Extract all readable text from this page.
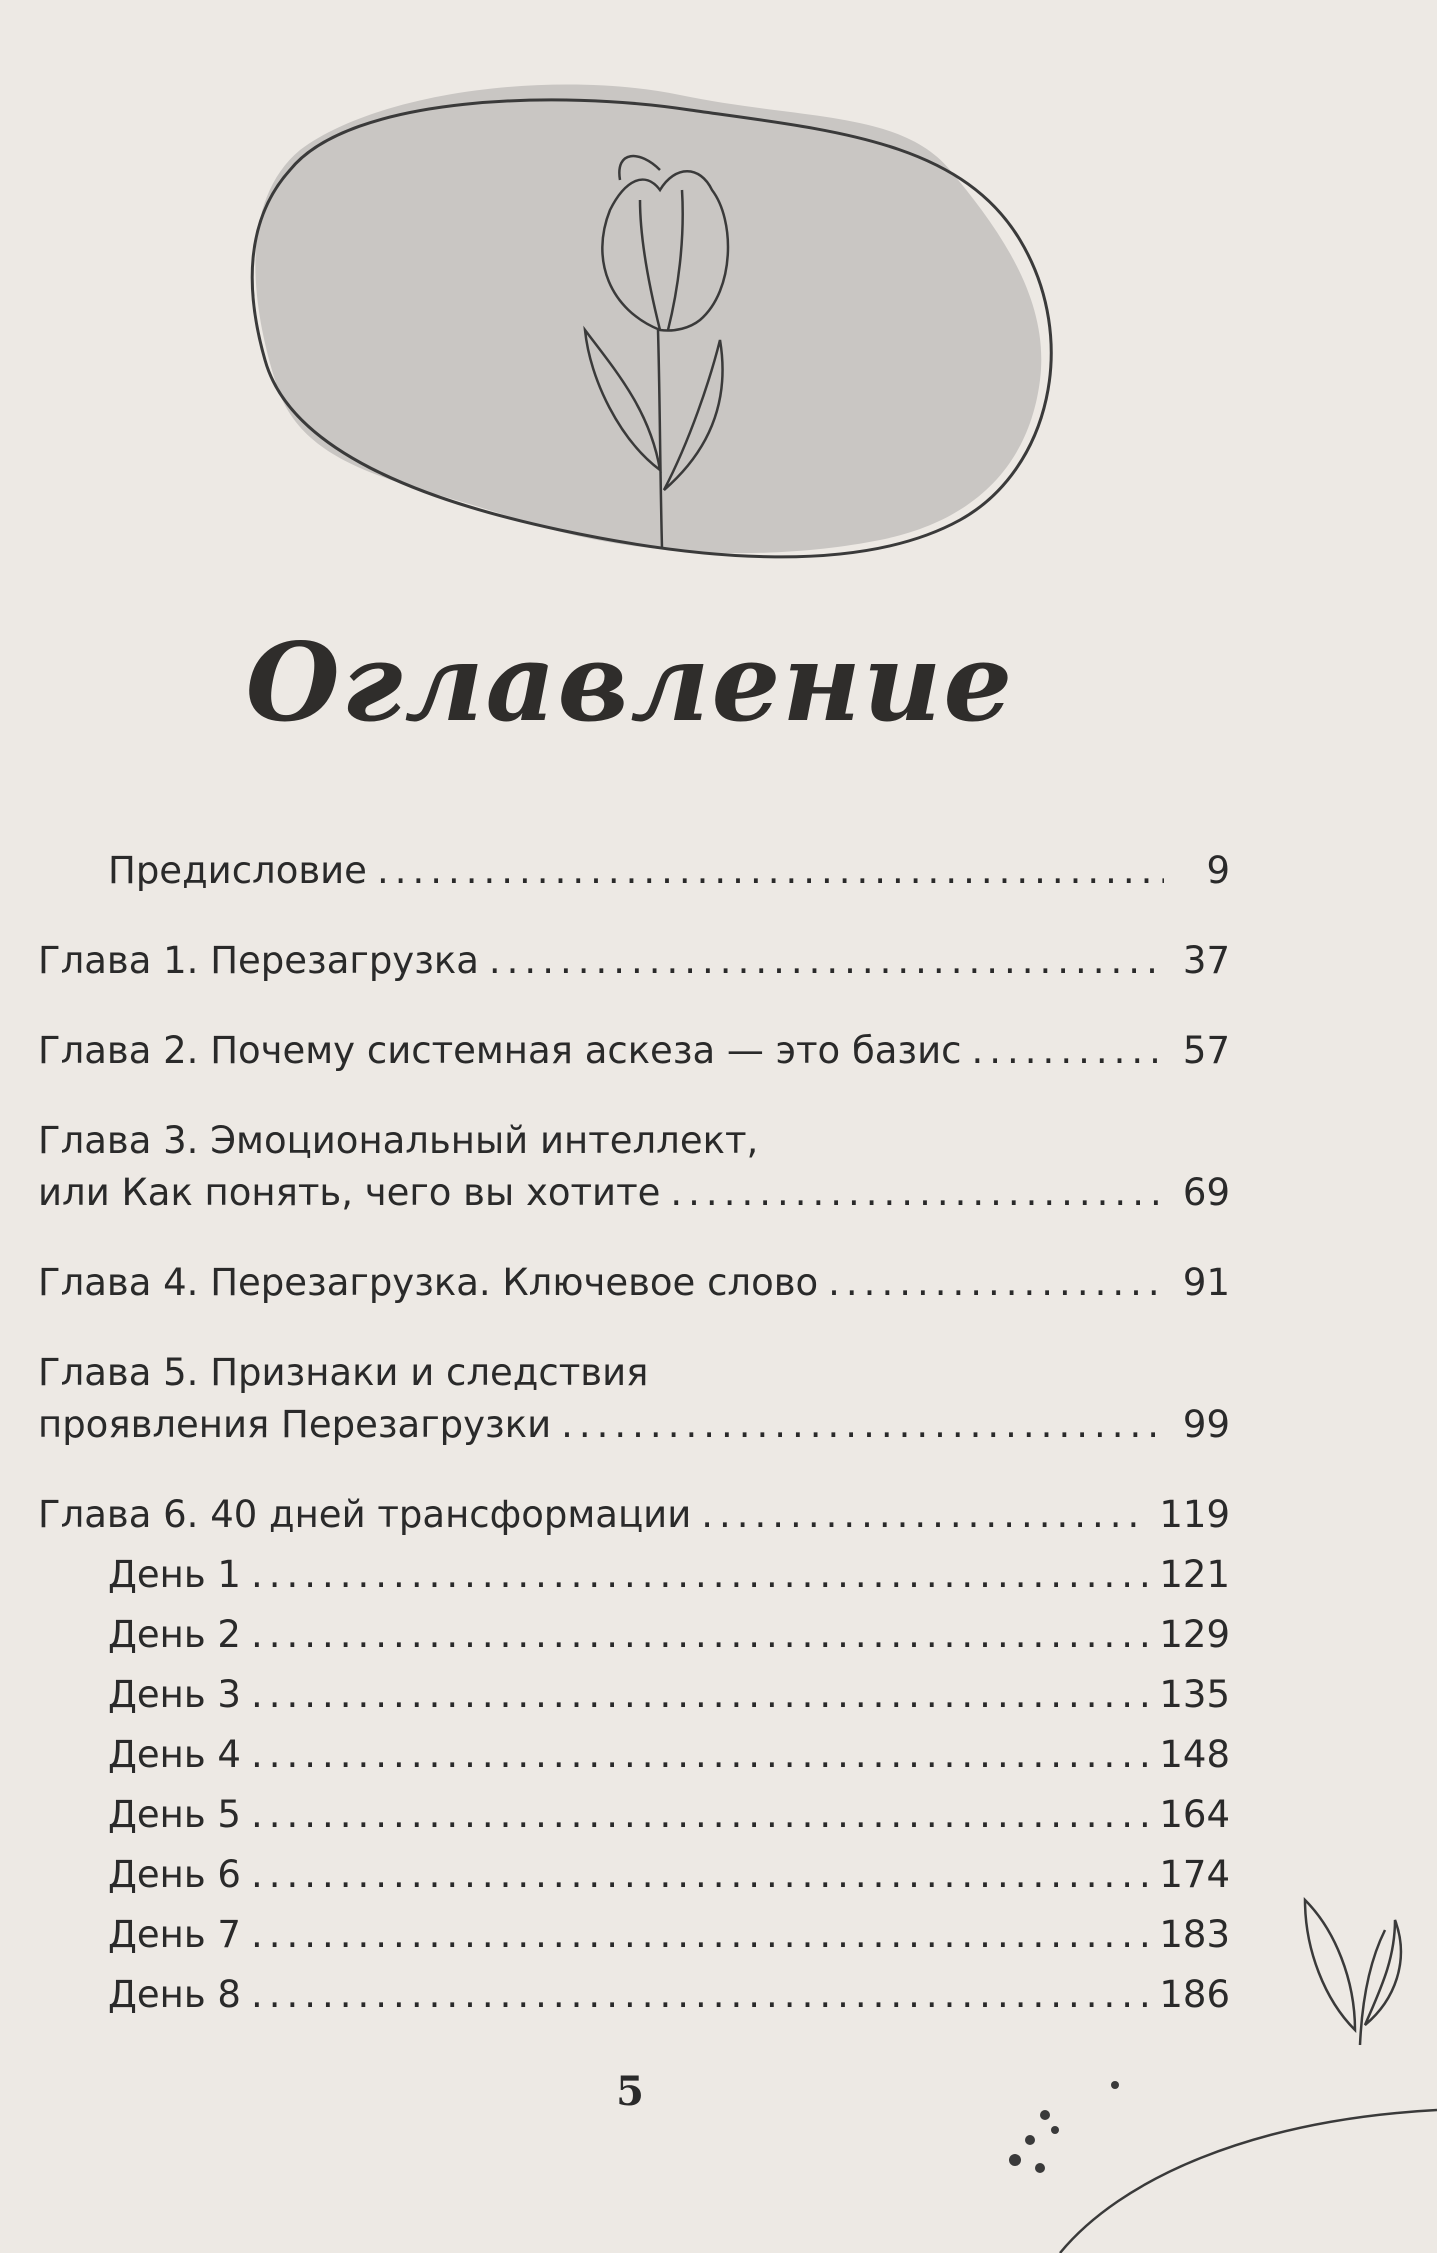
Оглавление
Предисловие .....	9
Глава 1. Перезагрузка .....	37
Глава 2. Почему системная аскеза — это базис .....	57
Глава 3. Эмоциональный интеллект,
или Как понять, чего вы хотите .....	69
Глава 4. Перезагрузка. Ключевое слово .....	91
Глава 5. Признаки и следствия
проявления Перезагрузки .....	99
Глава 6. 40 дней трансформации .....	119
День 1 .....	121
День 2 .....	129
День 3 .....	135
День 4 .....	148
День 5 .....	164
День 6 .....	174
День 7 .....	183
День 8 .....	186
5
